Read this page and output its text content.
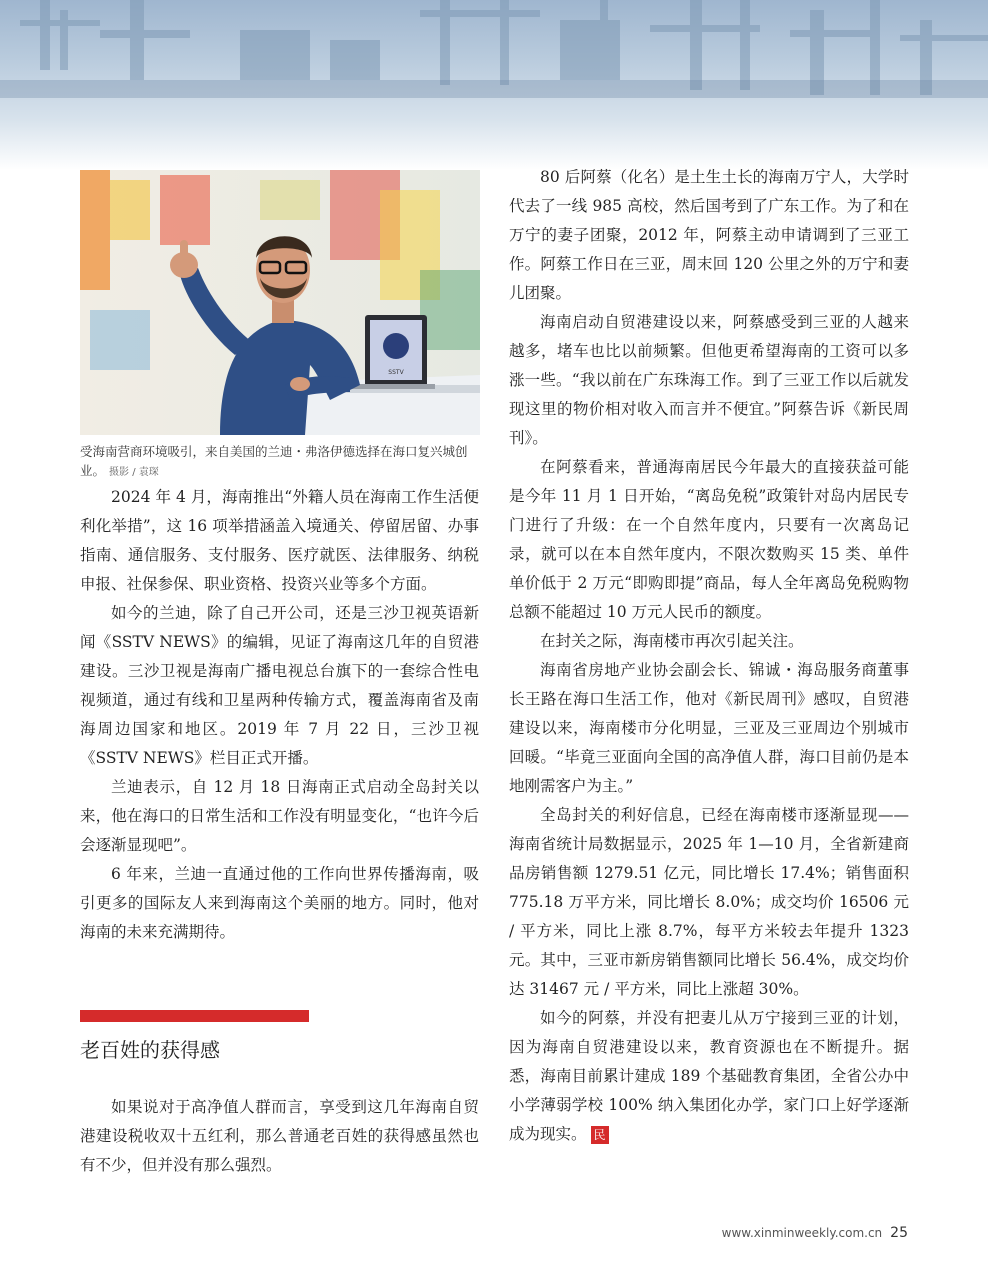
SSTV
受海南营商环境吸引，来自美国的兰迪・弗洛伊德选择在海口复兴城创业。 摄影 / 袁琛

2024 年 4 月，海南推出“外籍人员在海南工作生活便利化举措”，这 16 项举措涵盖入境通关、停留居留、办事指南、通信服务、支付服务、医疗就医、法律服务、纳税申报、社保参保、职业资格、投资兴业等多个方面。

如今的兰迪，除了自己开公司，还是三沙卫视英语新闻《SSTV NEWS》的编辑，见证了海南这几年的自贸港建设。三沙卫视是海南广播电视总台旗下的一套综合性电视频道，通过有线和卫星两种传输方式，覆盖海南省及南海周边国家和地区。2019 年 7 月 22 日，三沙卫视《SSTV NEWS》栏目正式开播。

兰迪表示，自 12 月 18 日海南正式启动全岛封关以来，他在海口的日常生活和工作没有明显变化，“也许今后会逐渐显现吧”。

6 年来，兰迪一直通过他的工作向世界传播海南，吸引更多的国际友人来到海南这个美丽的地方。同时，他对海南的未来充满期待。

老百姓的获得感

如果说对于高净值人群而言，享受到这几年海南自贸港建设税收双十五红利，那么普通老百姓的获得感虽然也有不少，但并没有那么强烈。

80 后阿蔡（化名）是土生土长的海南万宁人，大学时代去了一线 985 高校，然后国考到了广东工作。为了和在万宁的妻子团聚，2012 年，阿蔡主动申请调到了三亚工作。阿蔡工作日在三亚，周末回 120 公里之外的万宁和妻儿团聚。

海南启动自贸港建设以来，阿蔡感受到三亚的人越来越多，堵车也比以前频繁。但他更希望海南的工资可以多涨一些。“我以前在广东珠海工作。到了三亚工作以后就发现这里的物价相对收入而言并不便宜。”阿蔡告诉《新民周刊》。

在阿蔡看来，普通海南居民今年最大的直接获益可能是今年 11 月 1 日开始，“离岛免税”政策针对岛内居民专门进行了升级：在一个自然年度内，只要有一次离岛记录，就可以在本自然年度内，不限次数购买 15 类、单件单价低于 2 万元“即购即提”商品，每人全年离岛免税购物总额不能超过 10 万元人民币的额度。

在封关之际，海南楼市再次引起关注。

海南省房地产业协会副会长、锦诚・海岛服务商董事长王路在海口生活工作，他对《新民周刊》感叹，自贸港建设以来，海南楼市分化明显，三亚及三亚周边个别城市回暖。“毕竟三亚面向全国的高净值人群，海口目前仍是本地刚需客户为主。”

全岛封关的利好信息，已经在海南楼市逐渐显现——海南省统计局数据显示，2025 年 1—10 月，全省新建商品房销售额 1279.51 亿元，同比增长 17.4%；销售面积 775.18 万平方米，同比增长 8.0%；成交均价 16506 元 / 平方米，同比上涨 8.7%，每平方米较去年提升 1323 元。其中，三亚市新房销售额同比增长 56.4%，成交均价达 31467 元 / 平方米，同比上涨超 30%。

如今的阿蔡，并没有把妻儿从万宁接到三亚的计划，因为海南自贸港建设以来，教育资源也在不断提升。据悉，海南目前累计建成 189 个基础教育集团，全省公办中小学薄弱学校 100% 纳入集团化办学，家门口上好学逐渐成为现实。 民

www.xinminweekly.com.cn 25
